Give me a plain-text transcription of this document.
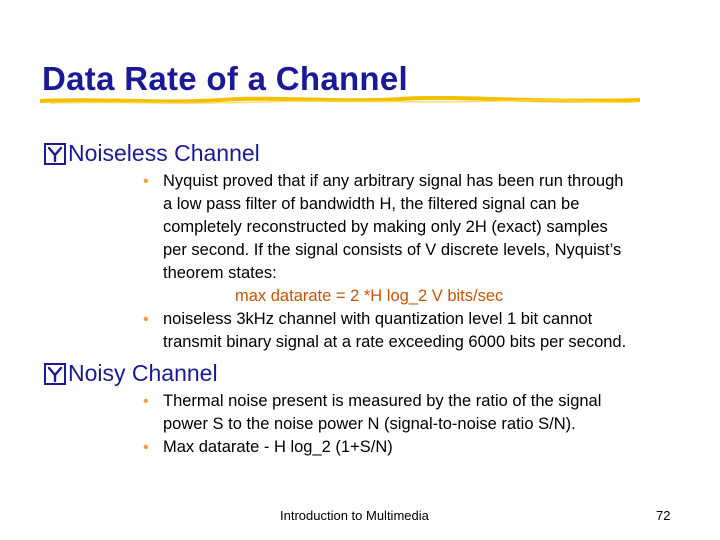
Data Rate of a Channel
Noiseless Channel
• Nyquist proved that if any arbitrary signal has been run through
a low pass filter of bandwidth H, the filtered signal can be
completely reconstructed by making only 2H (exact) samples
per second. If the signal consists of V discrete levels, Nyquist’s
theorem states:
max datarate = 2 *H log_2 V bits/sec
• noiseless 3kHz channel with quantization level 1 bit cannot
transmit binary signal at a rate exceeding 6000 bits per second.
Noisy Channel
• Thermal noise present is measured by the ratio of the signal
power S to the noise power N (signal-to-noise ratio S/N).
• Max datarate - H log_2 (1+S/N)
Introduction to Multimedia	72
